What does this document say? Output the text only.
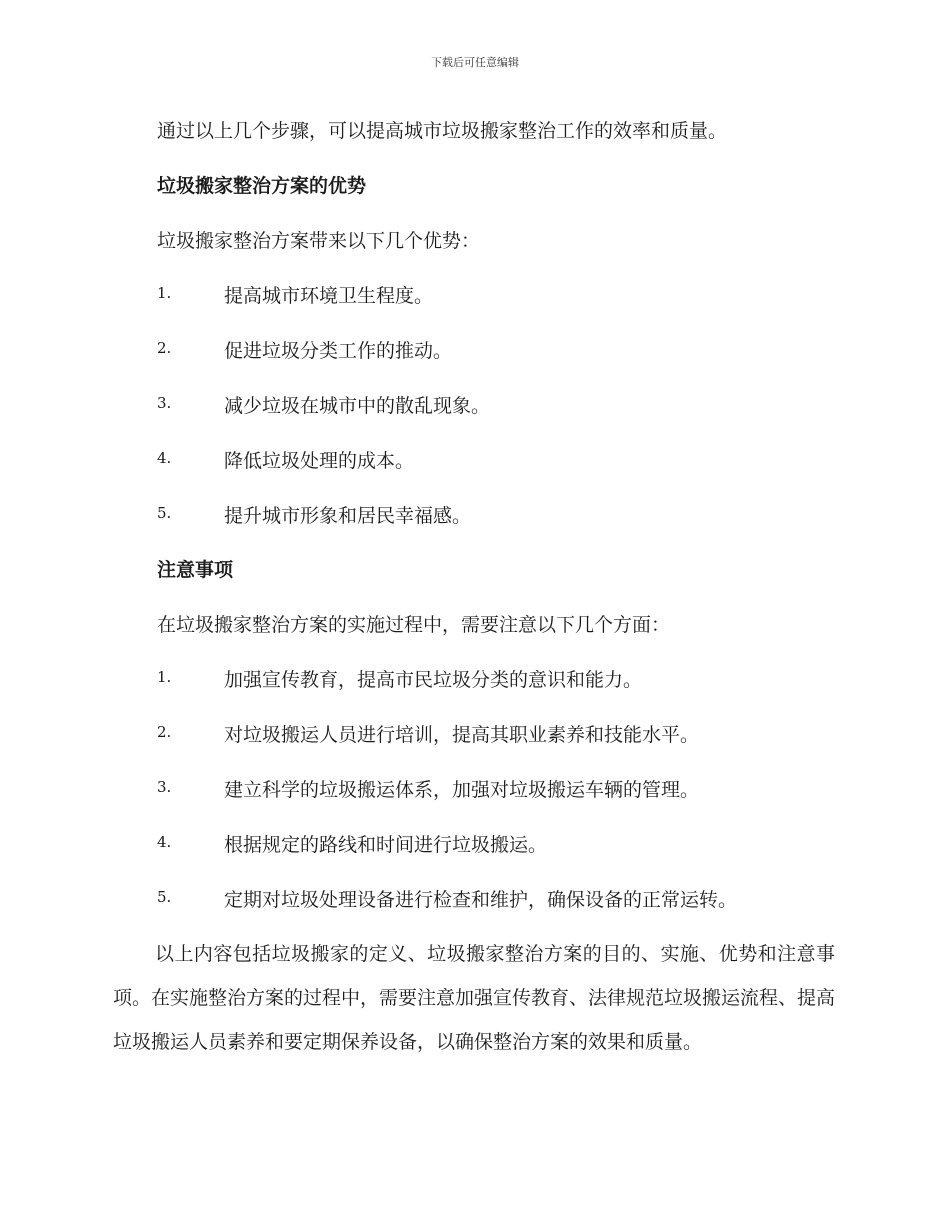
下载后可任意编辑
通过以上几个步骤，可以提高城市垃圾搬家整治工作的效率和质量。
垃圾搬家整治方案的优势
垃圾搬家整治方案带来以下几个优势：
1.	提高城市环境卫生程度。
2.	促进垃圾分类工作的推动。
3.	减少垃圾在城市中的散乱现象。
4.	降低垃圾处理的成本。
5.	提升城市形象和居民幸福感。
注意事项
在垃圾搬家整治方案的实施过程中，需要注意以下几个方面：
1.	加强宣传教育，提高市民垃圾分类的意识和能力。
2.	对垃圾搬运人员进行培训，提高其职业素养和技能水平。
3.	建立科学的垃圾搬运体系，加强对垃圾搬运车辆的管理。
4.	根据规定的路线和时间进行垃圾搬运。
5.	定期对垃圾处理设备进行检查和维护，确保设备的正常运转。

以上内容包括垃圾搬家的定义、垃圾搬家整治方案的目的、实施、优势和注意事项。在实施整治方案的过程中，需要注意加强宣传教育、法律规范垃圾搬运流程、提高垃圾搬运人员素养和要定期保养设备，以确保整治方案的效果和质量。
